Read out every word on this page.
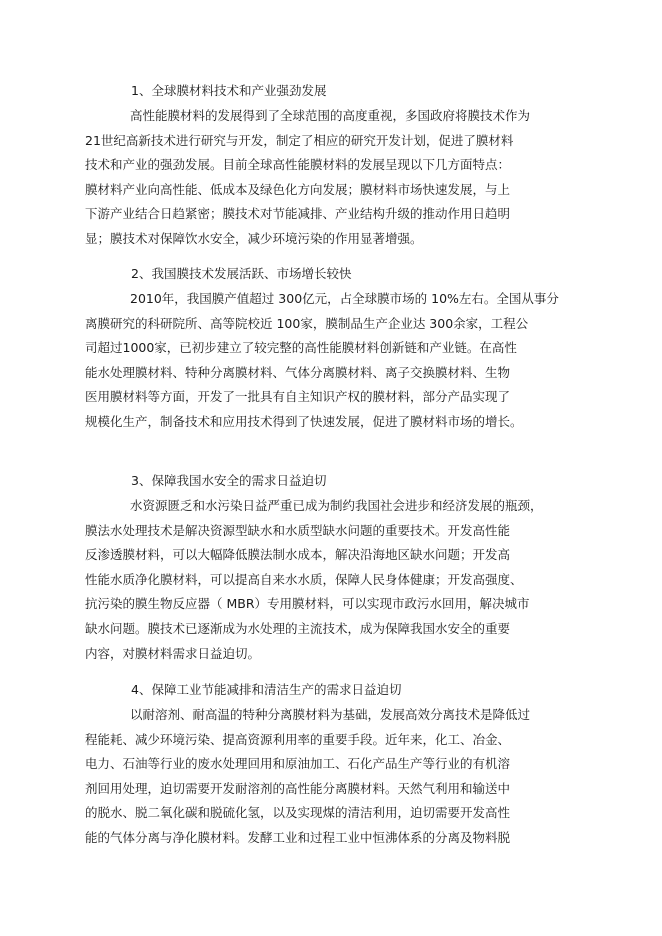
1、全球膜材料技术和产业强劲发展
高性能膜材料的发展得到了全球范围的高度重视，多国政府将膜技术作为
21世纪高新技术进行研究与开发，制定了相应的研究开发计划，促进了膜材料
技术和产业的强劲发展。目前全球高性能膜材料的发展呈现以下几方面特点：
膜材料产业向高性能、低成本及绿色化方向发展；膜材料市场快速发展，与上
下游产业结合日趋紧密；膜技术对节能减排、产业结构升级的推动作用日趋明
显；膜技术对保障饮水安全，减少环境污染的作用显著增强。
2、我国膜技术发展活跃、市场增长较快
2010年，我国膜产值超过 300亿元，占全球膜市场的 10%左右。全国从事分
离膜研究的科研院所、高等院校近 100家，膜制品生产企业达 300余家，工程公
司超过1000家，已初步建立了较完整的高性能膜材料创新链和产业链。在高性
能水处理膜材料、特种分离膜材料、气体分离膜材料、离子交换膜材料、生物
医用膜材料等方面，开发了一批具有自主知识产权的膜材料，部分产品实现了
规模化生产，制备技术和应用技术得到了快速发展，促进了膜材料市场的增长。
3、保障我国水安全的需求日益迫切
水资源匮乏和水污染日益严重已成为制约我国社会进步和经济发展的瓶颈，
膜法水处理技术是解决资源型缺水和水质型缺水问题的重要技术。开发高性能
反渗透膜材料，可以大幅降低膜法制水成本，解决沿海地区缺水问题；开发高
性能水质净化膜材料，可以提高自来水水质，保障人民身体健康；开发高强度、
抗污染的膜生物反应器（ MBR）专用膜材料，可以实现市政污水回用，解决城市
缺水问题。膜技术已逐渐成为水处理的主流技术，成为保障我国水安全的重要
内容，对膜材料需求日益迫切。
4、保障工业节能减排和清洁生产的需求日益迫切
以耐溶剂、耐高温的特种分离膜材料为基础，发展高效分离技术是降低过
程能耗、减少环境污染、提高资源利用率的重要手段。近年来，化工、冶金、
电力、石油等行业的废水处理回用和原油加工、石化产品生产等行业的有机溶
剂回用处理，迫切需要开发耐溶剂的高性能分离膜材料。天然气利用和输送中
的脱水、脱二氧化碳和脱硫化氢，以及实现煤的清洁利用，迫切需要开发高性
能的气体分离与净化膜材料。发酵工业和过程工业中恒沸体系的分离及物料脱
